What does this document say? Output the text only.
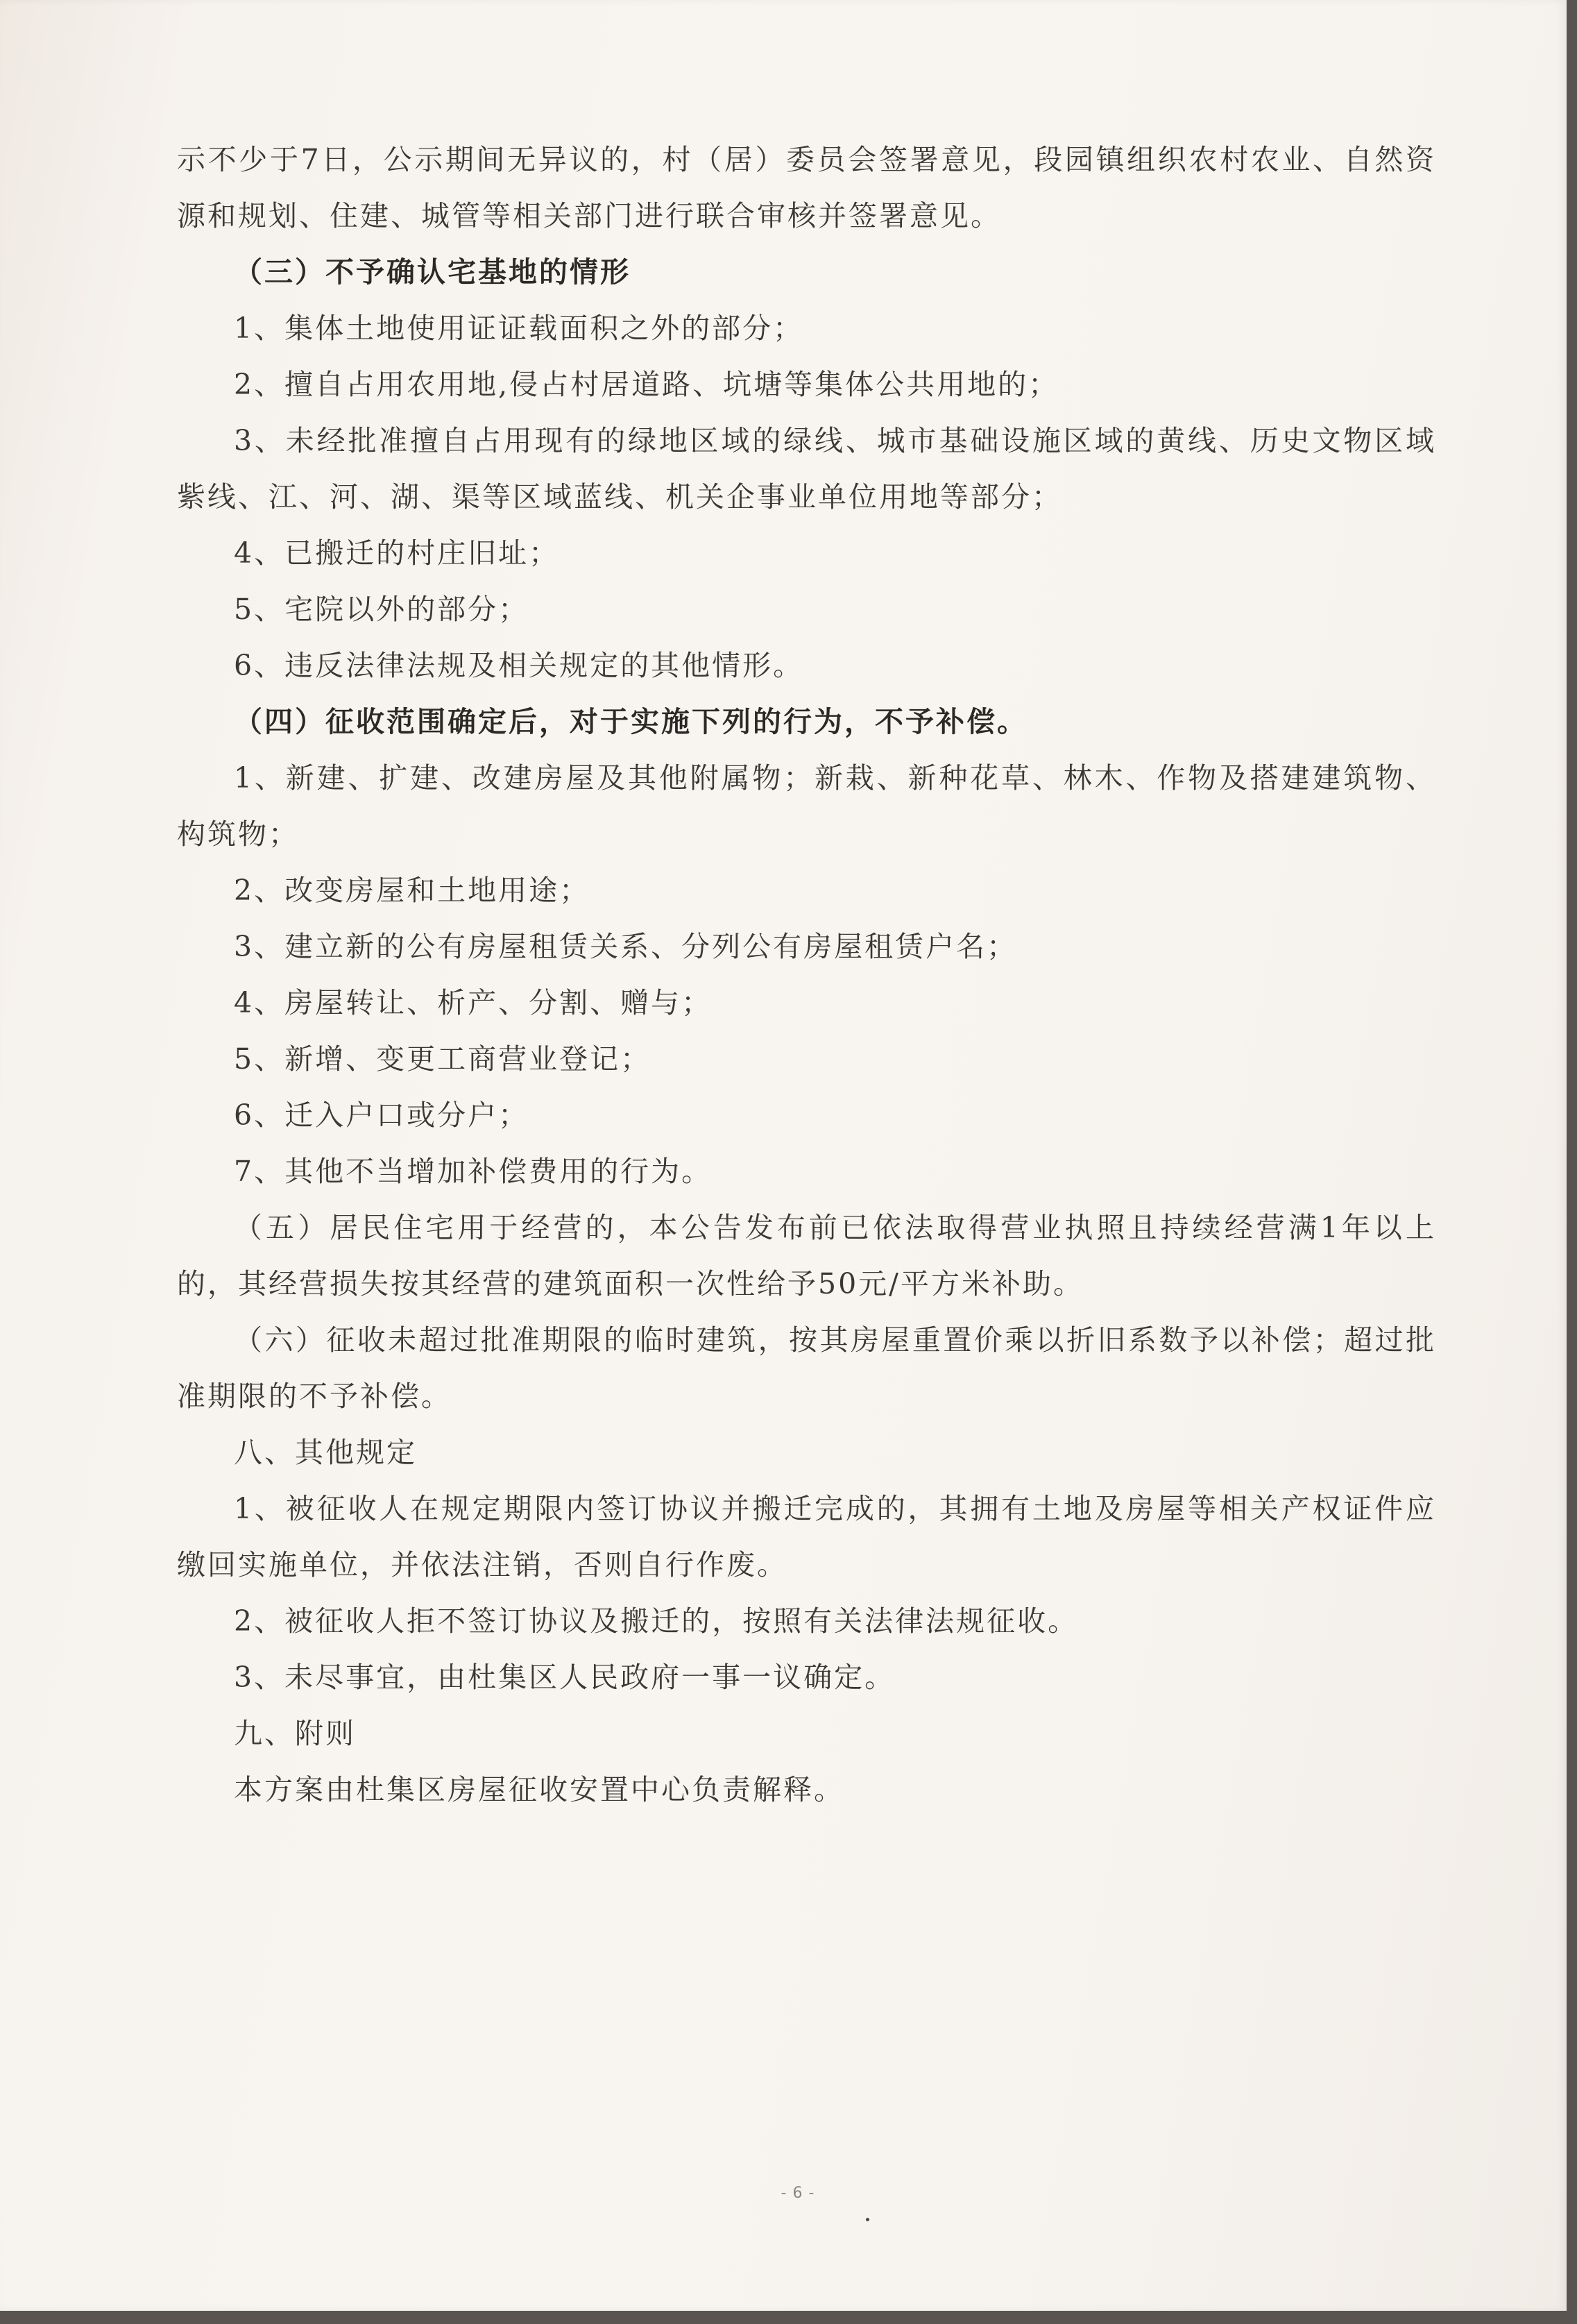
示不少于7日，公示期间无异议的，村（居）委员会签署意见，段园镇组织农村农业、自然资源和规划、住建、城管等相关部门进行联合审核并签署意见。

（三）不予确认宅基地的情形

1、集体土地使用证证载面积之外的部分；

2、擅自占用农用地,侵占村居道路、坑塘等集体公共用地的；

3、未经批准擅自占用现有的绿地区域的绿线、城市基础设施区域的黄线、历史文物区域紫线、江、河、湖、渠等区域蓝线、机关企事业单位用地等部分；

4、已搬迁的村庄旧址；

5、宅院以外的部分；

6、违反法律法规及相关规定的其他情形。

（四）征收范围确定后，对于实施下列的行为，不予补偿。

1、新建、扩建、改建房屋及其他附属物；新栽、新种花草、林木、作物及搭建建筑物、构筑物；

2、改变房屋和土地用途；

3、建立新的公有房屋租赁关系、分列公有房屋租赁户名；

4、房屋转让、析产、分割、赠与；

5、新增、变更工商营业登记；

6、迁入户口或分户；

7、其他不当增加补偿费用的行为。

（五）居民住宅用于经营的，本公告发布前已依法取得营业执照且持续经营满1年以上的，其经营损失按其经营的建筑面积一次性给予50元/平方米补助。

（六）征收未超过批准期限的临时建筑，按其房屋重置价乘以折旧系数予以补偿；超过批准期限的不予补偿。

八、其他规定

1、被征收人在规定期限内签订协议并搬迁完成的，其拥有土地及房屋等相关产权证件应缴回实施单位，并依法注销，否则自行作废。

2、被征收人拒不签订协议及搬迁的，按照有关法律法规征收。

3、未尽事宜，由杜集区人民政府一事一议确定。

九、附则

本方案由杜集区房屋征收安置中心负责解释。

- 6 -
